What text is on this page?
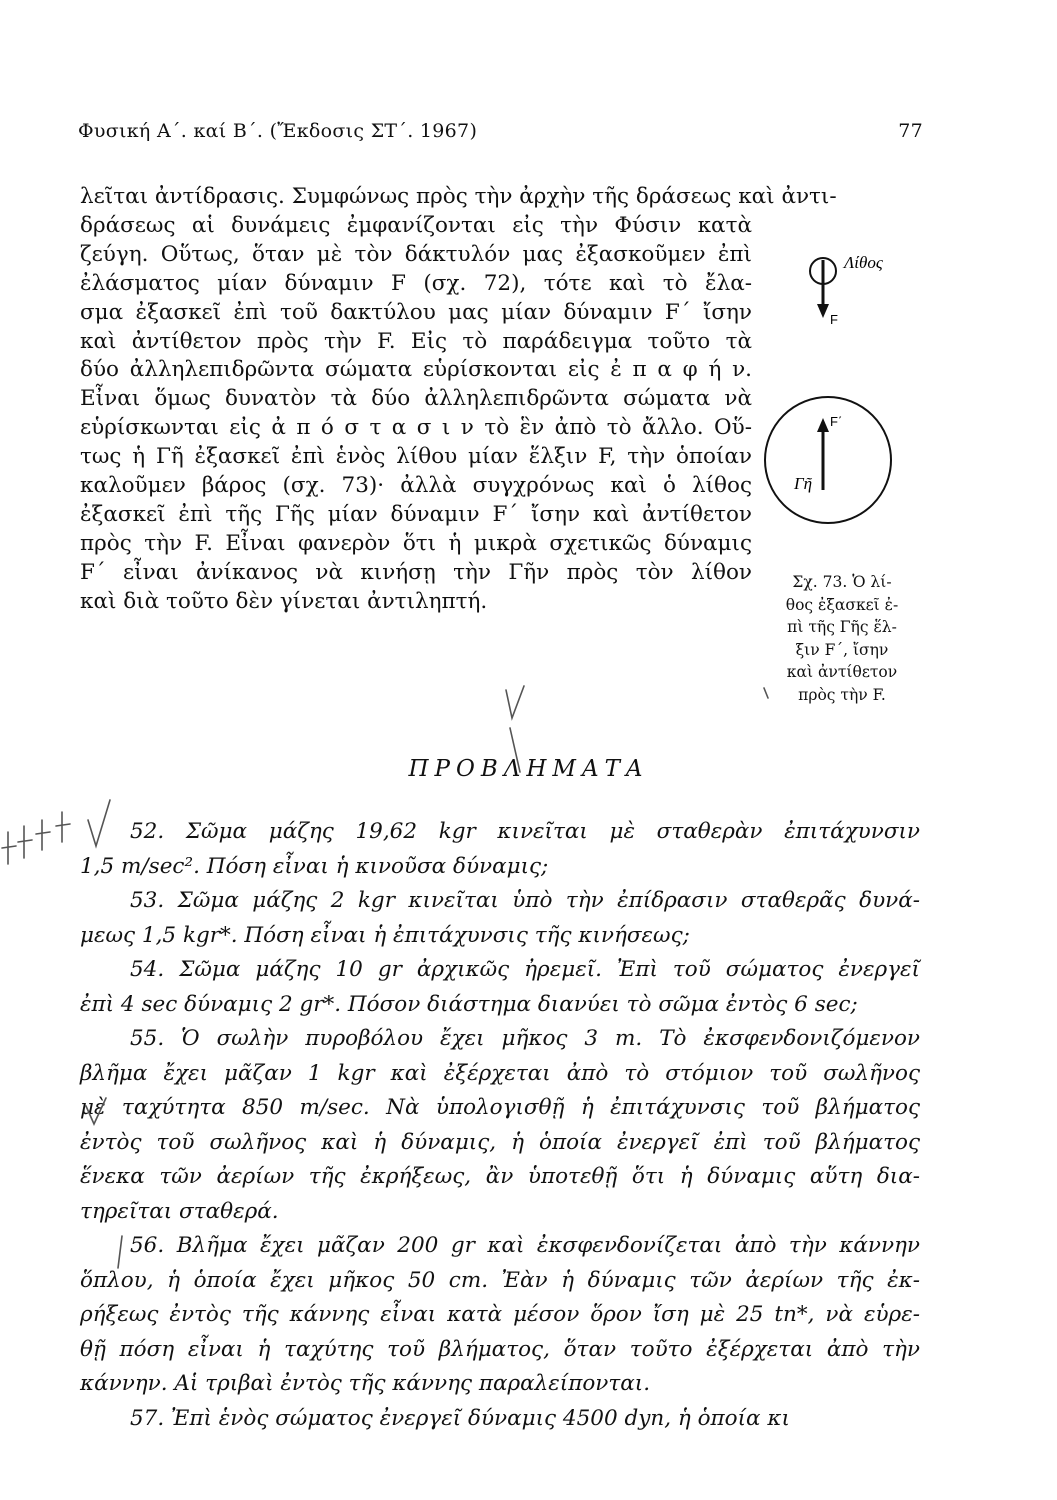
Φυσική Α΄. καί Β΄. (Ἔκδοσις ΣΤ΄. 1967)	77
λεῖται ἀντίδρασις. Συμφώνως πρὸς τὴν ἀρχὴν τῆς δράσεως καὶ ἀντι-
δράσεως αἱ δυνάμεις ἐμφανίζονται εἰς τὴν Φύσιν κατὰ
ζεύγη. Οὕτως, ὅταν μὲ τὸν δάκτυλόν μας ἐξασκοῦμεν ἐπὶ
ἐλάσματος μίαν δύναμιν F (σχ. 72), τότε καὶ τὸ ἔλα-
σμα ἐξασκεῖ ἐπὶ τοῦ δακτύλου μας μίαν δύναμιν F΄ ἴσην
καὶ ἀντίθετον πρὸς τὴν F. Εἰς τὸ παράδειγμα τοῦτο τὰ
δύο ἀλληλεπιδρῶντα σώματα εὑρίσκονται εἰς ἐ π α φ ή ν.
Εἶναι ὅμως δυνατὸν τὰ δύο ἀλληλεπιδρῶντα σώματα νὰ
εὑρίσκωνται εἰς ἀ π ό σ τ α σ ι ν τὸ ἓν ἀπὸ τὸ ἄλλο. Οὕ-
τως ἡ Γῆ ἐξασκεῖ ἐπὶ ἑνὸς λίθου μίαν ἕλξιν F, τὴν ὁποίαν
καλοῦμεν βάρος (σχ. 73)· ἀλλὰ συγχρόνως καὶ ὁ λίθος
ἐξασκεῖ ἐπὶ τῆς Γῆς μίαν δύναμιν F΄ ἴσην καὶ ἀντίθετον
πρὸς τὴν F. Εἶναι φανερὸν ὅτι ἡ μικρὰ σχετικῶς δύναμις
F΄ εἶναι ἀνίκανος νὰ κινήσῃ τὴν Γῆν πρὸς τὸν λίθον
καὶ διὰ τοῦτο δὲν γίνεται ἀντιληπτή.
Λίθος
F
F΄
Γῆ
Σχ. 73. Ὁ λί-
θος ἐξασκεῖ ἐ-
πὶ τῆς Γῆς ἕλ-
ξιν F΄, ἴσην
καὶ ἀντίθετον
πρὸς τὴν F.
ΠΡΟΒΛΗΜΑΤΑ
52. Σῶμα μάζης 19,62 kgr κινεῖται μὲ σταθερὰν ἐπιτάχυνσιν
1,5 m/sec². Πόση εἶναι ἡ κινοῦσα δύναμις;
53. Σῶμα μάζης 2 kgr κινεῖται ὑπὸ τὴν ἐπίδρασιν σταθερᾶς δυνά-
μεως 1,5 kgr*. Πόση εἶναι ἡ ἐπιτάχυνσις τῆς κινήσεως;
54. Σῶμα μάζης 10 gr ἀρχικῶς ἠρεμεῖ. Ἐπὶ τοῦ σώματος ἐνεργεῖ
ἐπὶ 4 sec δύναμις 2 gr*. Πόσον διάστημα διανύει τὸ σῶμα ἐντὸς 6 sec;
55. Ὁ σωλὴν πυροβόλου ἔχει μῆκος 3 m. Τὸ ἐκσφενδονιζόμενον
βλῆμα ἔχει μᾶζαν 1 kgr καὶ ἐξέρχεται ἀπὸ τὸ στόμιον τοῦ σωλῆνος
μὲ ταχύτητα 850 m/sec. Νὰ ὑπολογισθῇ ἡ ἐπιτάχυνσις τοῦ βλήματος
ἐντὸς τοῦ σωλῆνος καὶ ἡ δύναμις, ἡ ὁποία ἐνεργεῖ ἐπὶ τοῦ βλήματος
ἕνεκα τῶν ἀερίων τῆς ἐκρήξεως, ἂν ὑποτεθῇ ὅτι ἡ δύναμις αὕτη δια-
τηρεῖται σταθερά.
56. Βλῆμα ἔχει μᾶζαν 200 gr καὶ ἐκσφενδονίζεται ἀπὸ τὴν κάννην
ὅπλου, ἡ ὁποία ἔχει μῆκος 50 cm. Ἐὰν ἡ δύναμις τῶν ἀερίων τῆς ἐκ-
ρήξεως ἐντὸς τῆς κάννης εἶναι κατὰ μέσον ὅρον ἴση μὲ 25 tn*, νὰ εὑρε-
θῇ πόση εἶναι ἡ ταχύτης τοῦ βλήματος, ὅταν τοῦτο ἐξέρχεται ἀπὸ τὴν
κάννην. Αἱ τριβαὶ ἐντὸς τῆς κάννης παραλείπονται.
57. Ἐπὶ ἑνὸς σώματος ἐνεργεῖ δύναμις 4500 dyn, ἡ ὁποία κι
